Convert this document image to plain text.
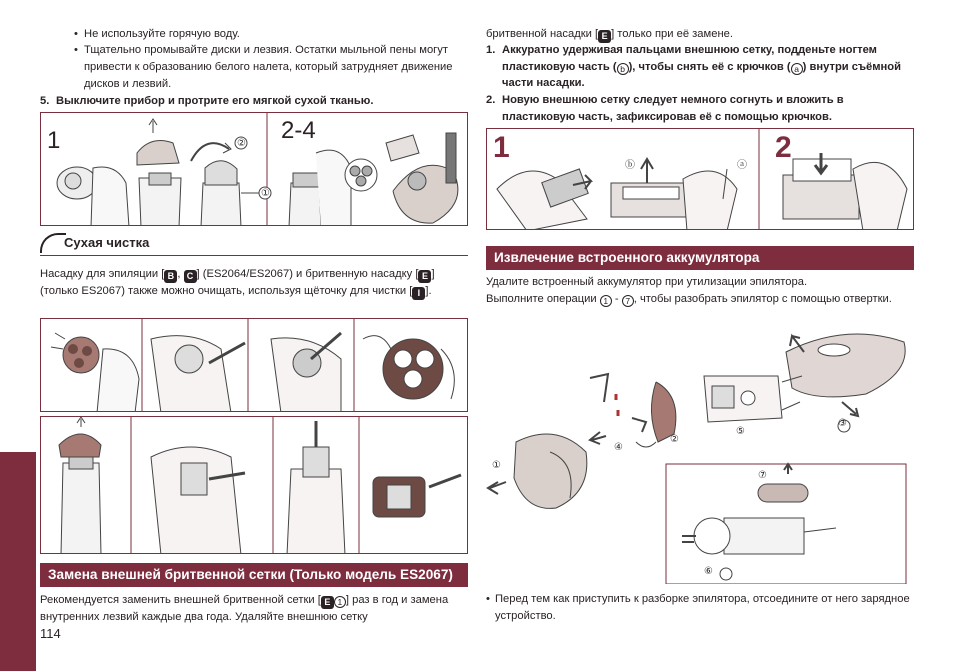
• Не используйте горячую воду.
• Тщательно промывайте диски и лезвия. Остатки мыльной пены могут привести к образованию белого налета, который затрудняет движение дисков и лезвий.
5. Выключите прибор и протрите его мягкой сухой тканью.
1	2-4
②
①
Сухая чистка
Насадку для эпиляции [ B , C ] (ES2064/ES2067) и бритвенную насадку [ E ] (только ES2067) также можно очищать, используя щёточку для чистки [ I ].
Замена внешней бритвенной сетки (Только модель ES2067)
Рекомендуется заменить внешней бритвенной сетки [ E 1 ] раз в год и замена внутренних лезвий каждые два года. Удаляйте внешнюю сетку
114
Русский
бритвенной насадки [ E ] только при её замене.
1. Аккуратно удерживая пальцами внешнюю сетку, подденьте ногтем пластиковую часть ( b ), чтобы снять её с крючков ( a ) внутри съёмной части насадки.
2. Новую внешнюю сетку следует немного согнуть и вложить в пластиковую часть, зафиксировав её с помощью крючков.
1	2
ⓑ	ⓐ
Извлечение встроенного аккумулятора
Удалите встроенный аккумулятор при утилизации эпилятора.
Выполните операции 1 - 7 , чтобы разобрать эпилятор с помощью отвертки.
①
②
③
④
⑤
⑥
⑦
• Перед тем как приступить к разборке эпилятора, отсоедините от него зарядное устройство.
